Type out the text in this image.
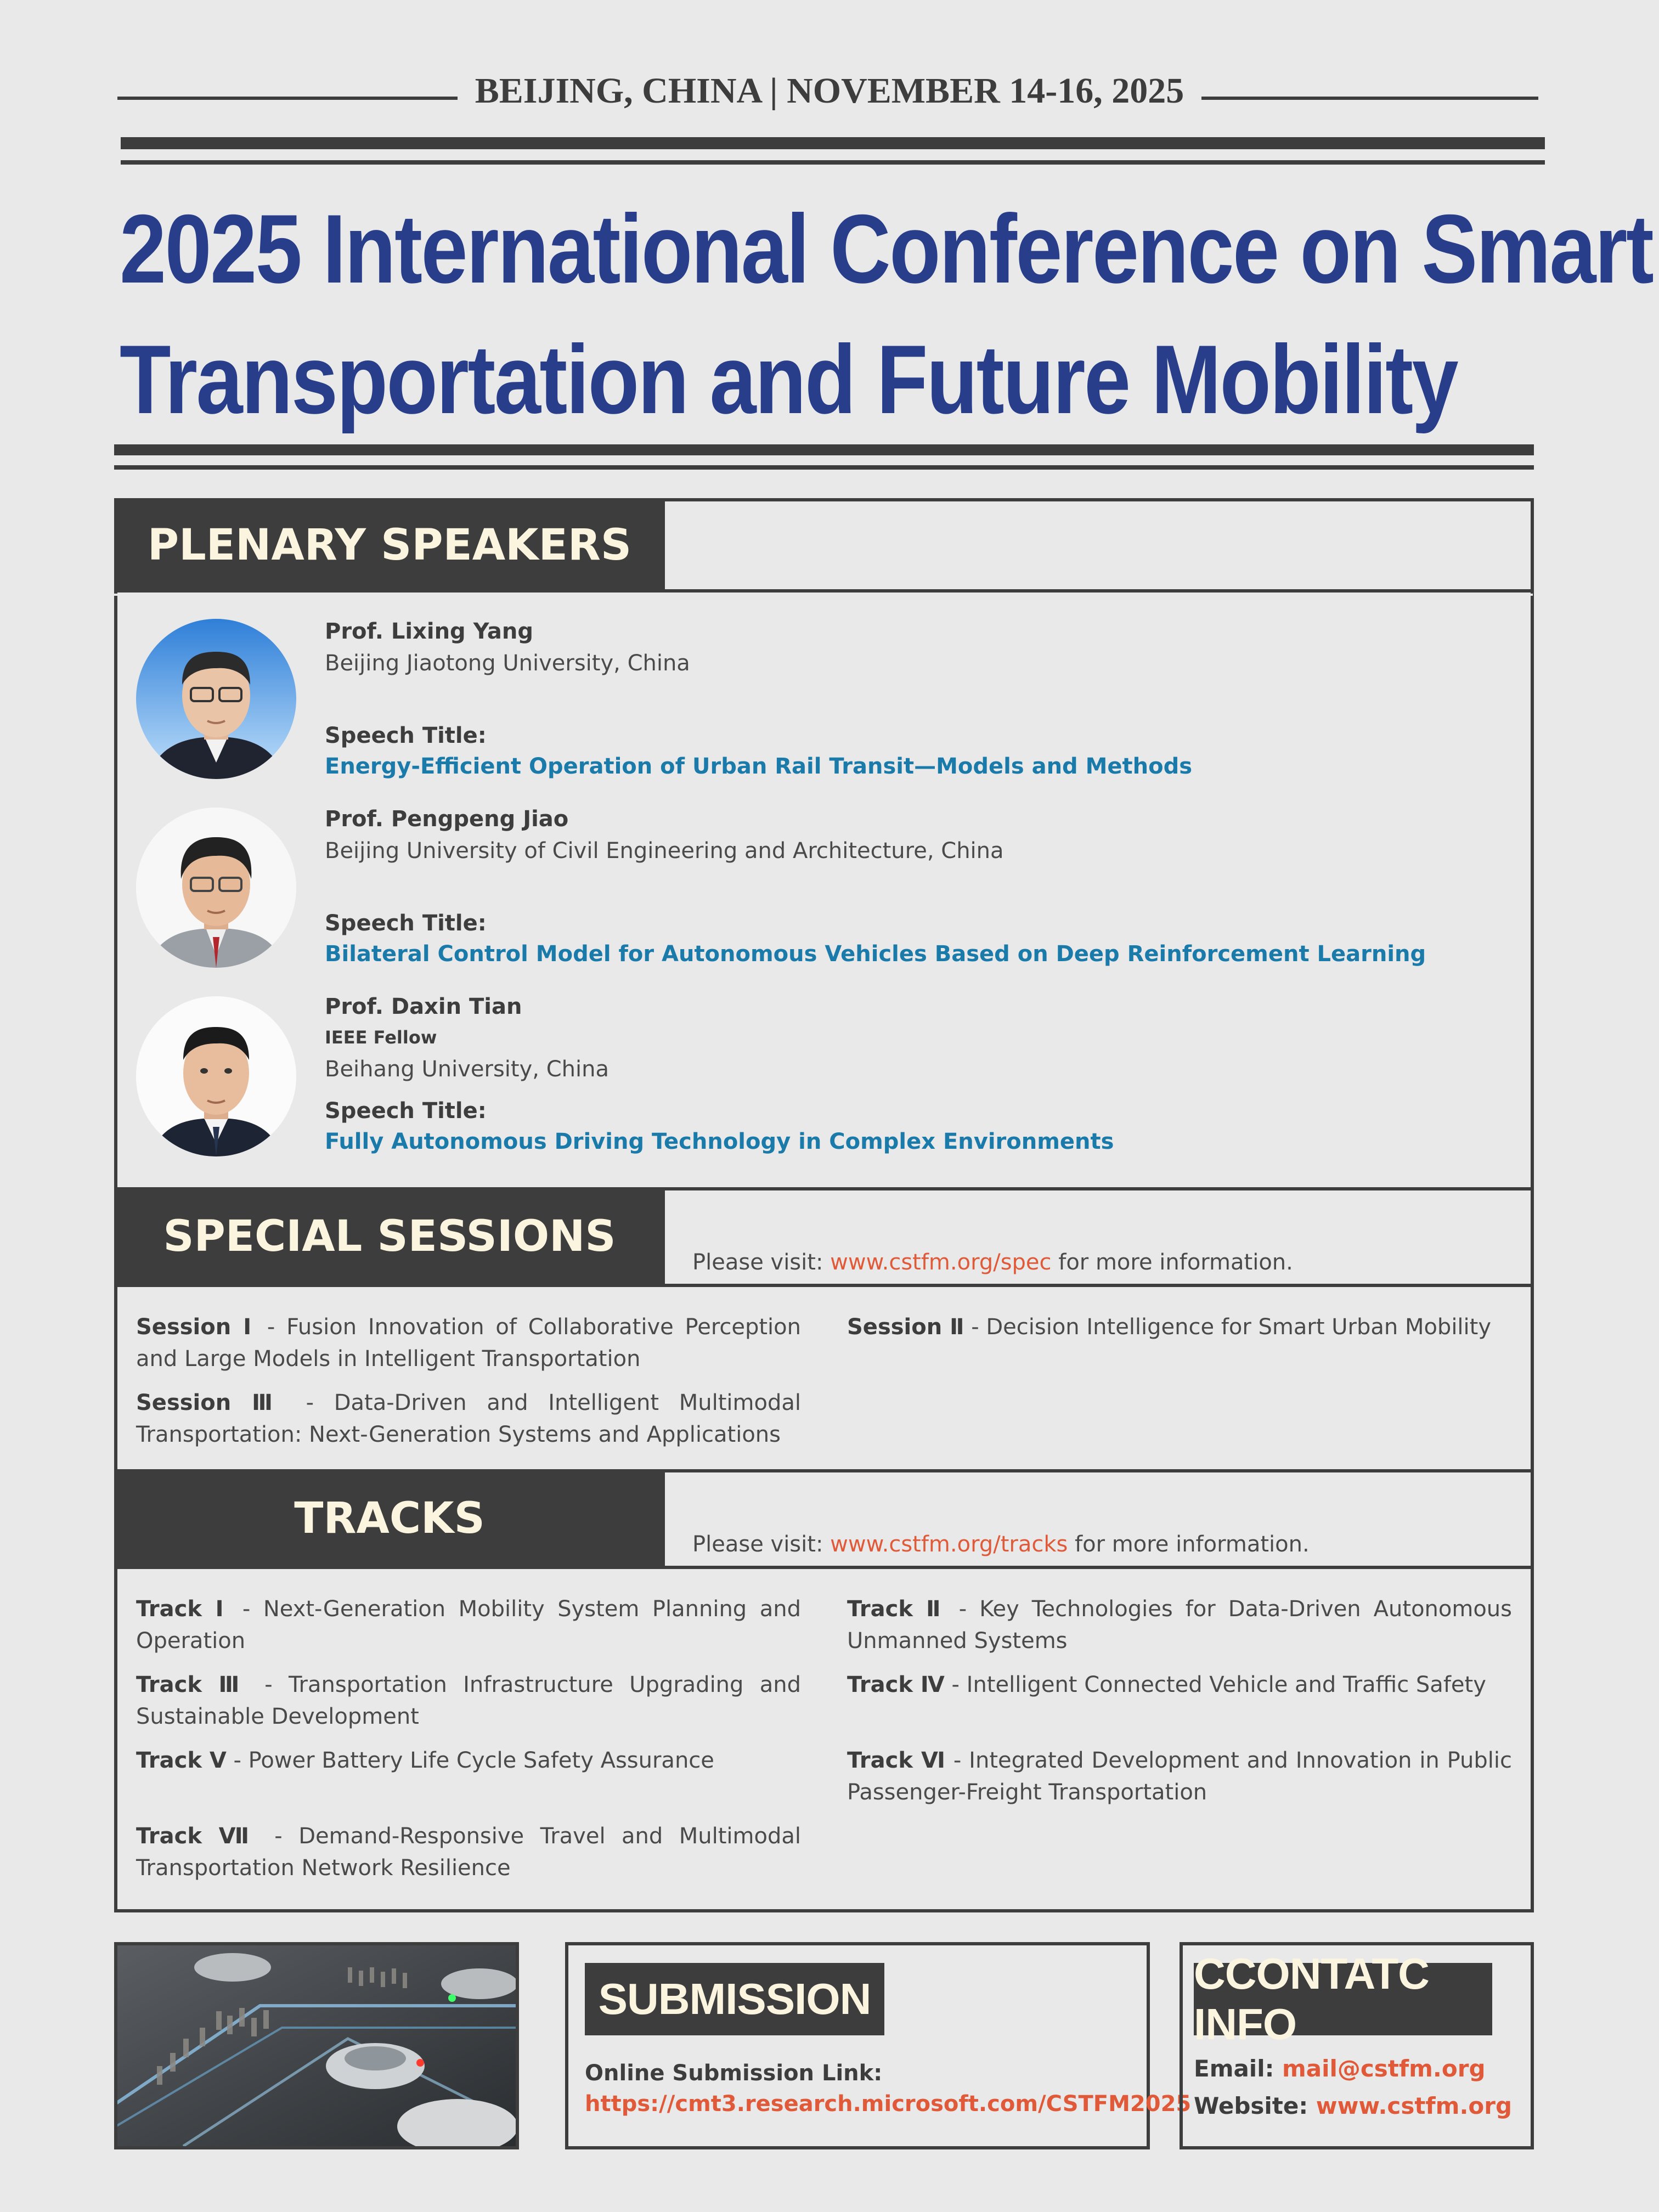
BEIJING, CHINA | NOVEMBER 14-16, 2025
2025 International Conference on Smart
Transportation and Future Mobility
PLENARY SPEAKERS
Prof. Lixing Yang
Beijing Jiaotong University, China
Speech Title:
Energy-Efficient Operation of Urban Rail Transit—Models and Methods
Prof. Pengpeng Jiao
Beijing University of Civil Engineering and Architecture, China
Speech Title:
Bilateral Control Model for Autonomous Vehicles Based on Deep Reinforcement Learning
Prof. Daxin Tian
IEEE Fellow
Beihang University, China
Speech Title:
Fully Autonomous Driving Technology in Complex Environments
SPECIAL SESSIONS
Please visit: www.cstfm.org/spec for more information.
Session Ⅰ - Fusion Innovation of Collaborative Perception and Large Models in Intelligent Transportation
Session Ⅱ - Decision Intelligence for Smart Urban Mobility
Session Ⅲ - Data-Driven and Intelligent Multimodal Transportation: Next-Generation Systems and Applications
TRACKS
Please visit: www.cstfm.org/tracks for more information.
Track Ⅰ - Next-Generation Mobility System Planning and Operation
Track Ⅱ - Key Technologies for Data-Driven Autonomous Unmanned Systems
Track Ⅲ - Transportation Infrastructure Upgrading and Sustainable Development
Track Ⅳ - Intelligent Connected Vehicle and Traffic Safety
Track Ⅴ - Power Battery Life Cycle Safety Assurance	Track Ⅵ - Integrated Development and Innovation in Public Passenger-Freight Transportation
Track Ⅶ - Demand-Responsive Travel and Multimodal Transportation Network Resilience
SUBMISSION
Online Submission Link:
https://cmt3.research.microsoft.com/CSTFM2025
CCONTATC INFO
Email: mail@cstfm.org
Website: www.cstfm.org
